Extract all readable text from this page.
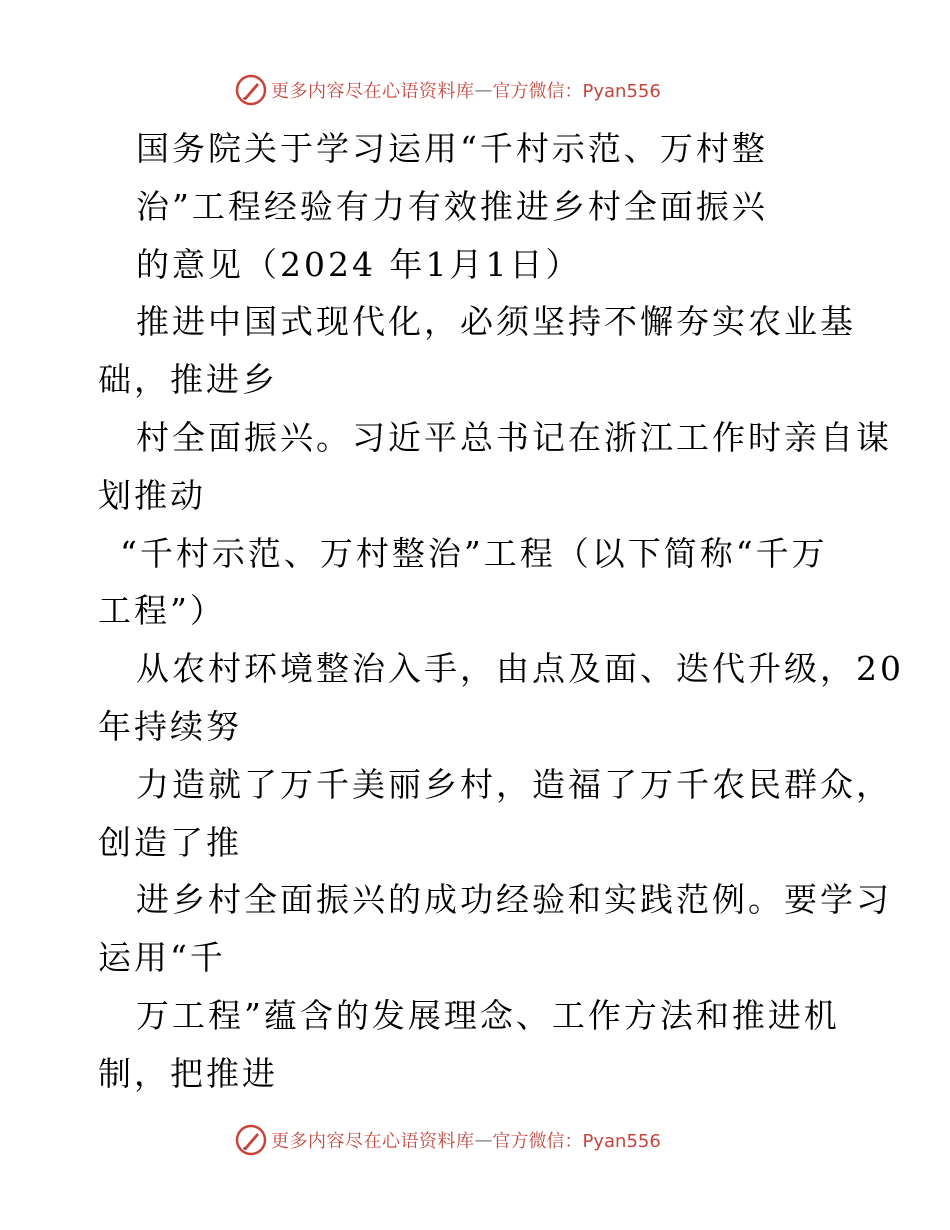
更多内容尽在心语资料库 — 官方微信：Pyan556
国务院关于学习运用“千村示范、万村整
治”工程经验有力有效推进乡村全面振兴
的意见（2024 年1月1日）
推进中国式现代化，必须坚持不懈夯实农业基
础，推进乡
村全面振兴。习近平总书记在浙江工作时亲自谋
划推动
“千村示范、万村整治”工程（以下简称“千万
工程”）
从农村环境整治入手，由点及面、迭代升级，20
年持续努
力造就了万千美丽乡村，造福了万千农民群众，
创造了推
进乡村全面振兴的成功经验和实践范例。要学习
运用“千
万工程”蕴含的发展理念、工作方法和推进机
制，把推进
更多内容尽在心语资料库 — 官方微信：Pyan556
